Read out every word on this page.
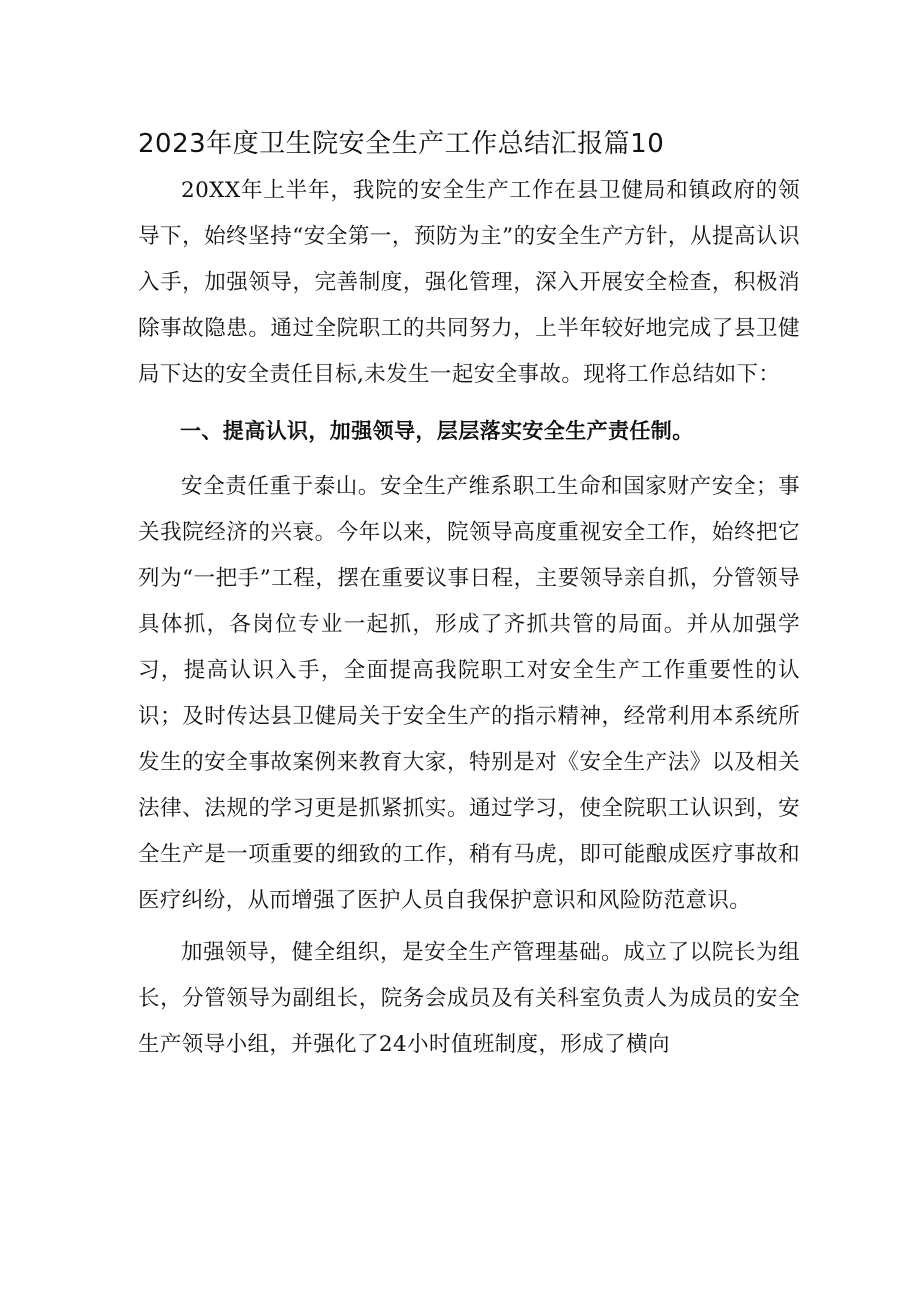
2023年度卫生院安全生产工作总结汇报篇10

20XX年上半年，我院的安全生产工作在县卫健局和镇政府的领导下，始终坚持“安全第一，预防为主”的安全生产方针，从提高认识入手，加强领导，完善制度，强化管理，深入开展安全检查，积极消除事故隐患。通过全院职工的共同努力，上半年较好地完成了县卫健局下达的安全责任目标,未发生一起安全事故。现将工作总结如下：

一、提高认识，加强领导，层层落实安全生产责任制。

安全责任重于泰山。安全生产维系职工生命和国家财产安全；事关我院经济的兴衰。今年以来，院领导高度重视安全工作，始终把它列为“一把手”工程，摆在重要议事日程，主要领导亲自抓，分管领导具体抓，各岗位专业一起抓，形成了齐抓共管的局面。并从加强学习，提高认识入手，全面提高我院职工对安全生产工作重要性的认识；及时传达县卫健局关于安全生产的指示精神，经常利用本系统所发生的安全事故案例来教育大家，特别是对《安全生产法》以及相关法律、法规的学习更是抓紧抓实。通过学习，使全院职工认识到，安全生产是一项重要的细致的工作，稍有马虎，即可能酿成医疗事故和医疗纠纷，从而增强了医护人员自我保护意识和风险防范意识。

加强领导，健全组织，是安全生产管理基础。成立了以院长为组长，分管领导为副组长，院务会成员及有关科室负责人为成员的安全生产领导小组，并强化了24小时值班制度，形成了横向
